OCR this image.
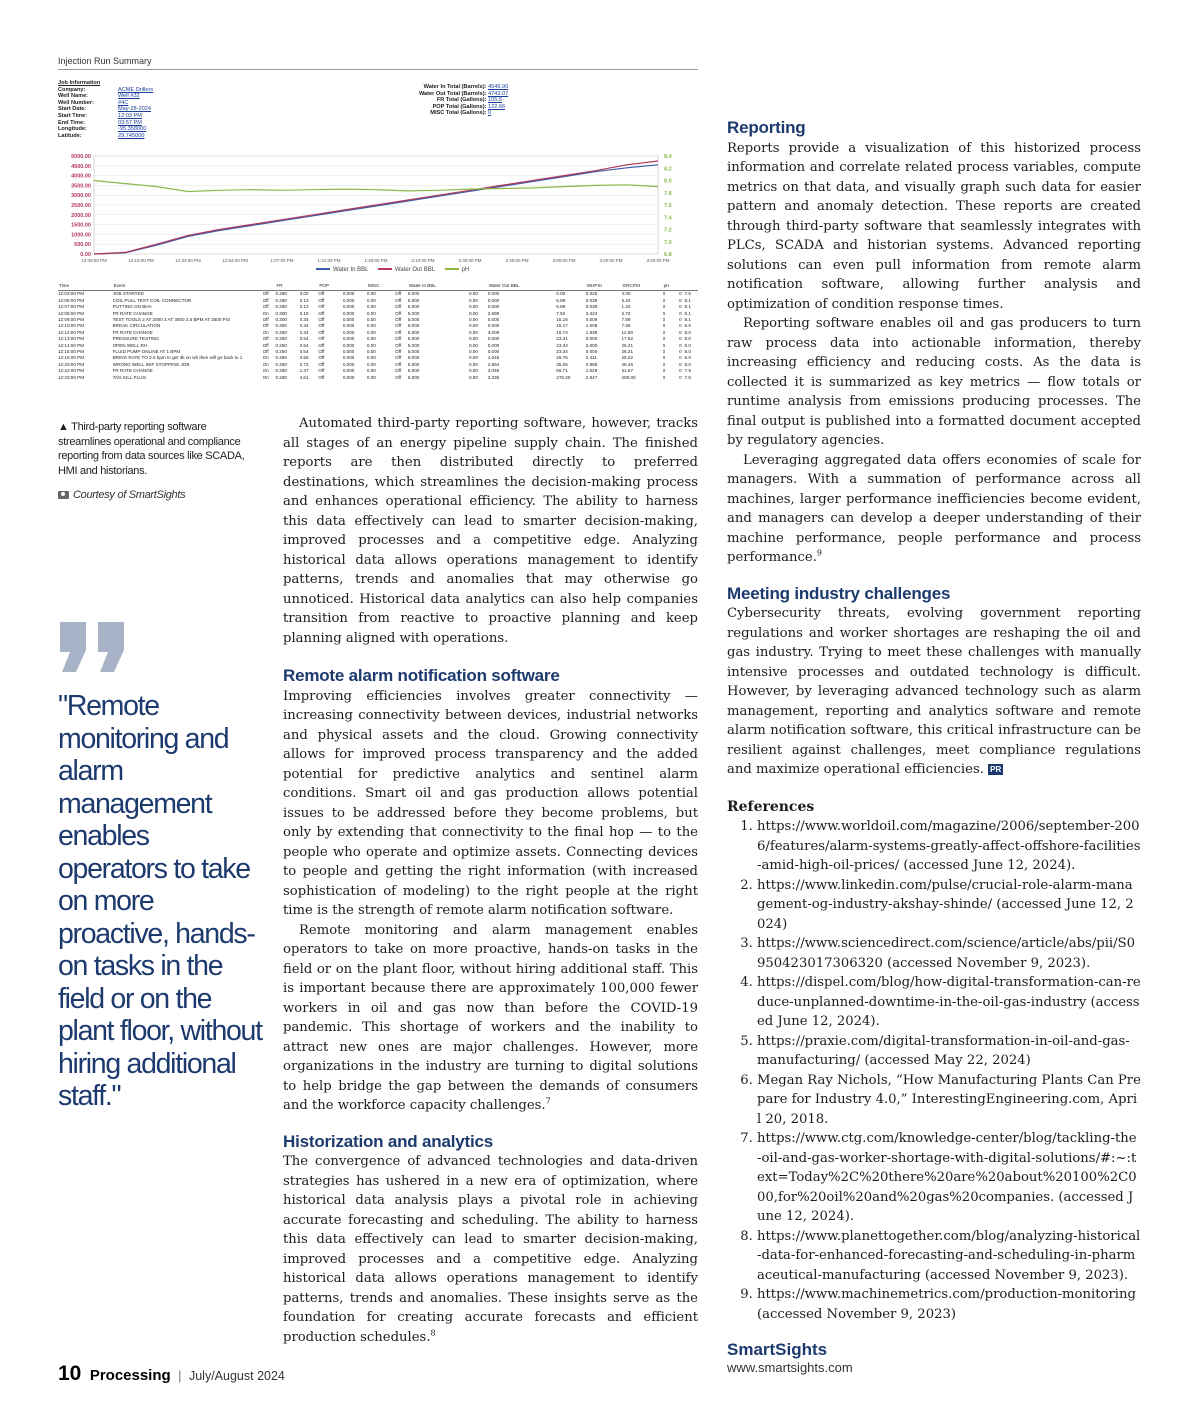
Injection Run Summary
Job Information
Company:	ACME Drillers
Well Name:	Well #32
Well Number:	#4C
Start Date:	May-28-2024
Start Time:	12:03 PM
End Time:	03:57 PM
Longitude:	-95.358000
Latitude:	29.745000
Water In Total (Barrels): 4549.90
Water Out Total (Barrels): 4743.07
FR Total (Gallons): 105.5
POP Total (Gallons): 122.66
MISC Total (Gallons): 0
5000.00
4500.00
4000.00
3500.00
3000.00
2500.00
2000.00
1500.00
1000.00
500.00
0.00
8.4
8.2
8.0
7.8
7.6
7.4
7.2
7.0
6.8
12:03:00 PM	12:19:00 PM	12:33:00 PM	12:54:00 PM	1:07:00 PM	1:21:00 PM	1:40:00 PM	2:10:00 PM	2:30:00 PM	2:40:00 PM	3:00:00 PM	3:20:00 PM	3:40:00 PM
Water In BBL	Water Out BBL	pH
Time	Event		FR		POP		MISC		Water In BBL		Water Out BBL		WHPSI	ORCPSI	pH		
12:03:00 PM	JOB STARTED	Off	0.280	0.00	Off	0.000	0.00	Off	5.000	0.00	0.000	0.00	0.025	0.00	0	0	7.5
12:06:00 PM	COIL PULL TEST COIL CONNECTOR	Off	0.280	0.13	Off	0.000	0.00	Off	5.000	0.00	0.000	5.89	0.039	5.22	0	0	8.1
12:07:00 PM	PUTTING ON BHA	Off	0.280	0.13	Off	0.000	0.00	Off	5.000	0.00	0.000	5.89	0.039	1.22	0	0	8.1
12:08:00 PM	FR RATE CHANGE	On	0.300	0.15	Off	0.000	0.00	Off	5.000	0.00	2.999	7.52	3.424	6.72	0	0	8.1
12:09:00 PM	TEST TOOLS 2 AT 2000 3 AT 3000 3.5 BPM AT 3500 PSI	Off	0.300	0.34	Off	0.000	0.00	Off	5.000	0.00	0.000	15.16	0.009	7.56	0	0	8.1
12:10:00 PM	BREAK CIRCULATION	Off	0.300	0.34	Off	0.000	0.00	Off	5.000	0.00	0.000	15.17	1.008	7.65	0	0	8.0
12:12:00 PM	FR RATE CHANGE	On	0.250	0.34	Off	0.000	0.00	Off	5.000	0.00	3.009	16.74	1.836	12.80	0	0	8.0
12:13:00 PM	PRESSURE TESTING	Off	0.250	0.54	Off	0.000	0.00	Off	5.000	0.00	0.000	23.31	0.000	17.82	0	0	8.0
12:14:00 PM	OPEN WELL RH	Off	0.250	0.54	Off	0.000	0.00	Off	5.000	0.00	0.000	23.34	0.000	26.21	0	0	8.0
12:15:00 PM	FLUID PUMP ONLINE AT 1 BPM	Off	0.250	0.54	Off	0.000	0.00	Off	5.000	0.00	0.000	23.34	0.000	26.21	0	0	8.0
12:15:00 PM	BRING RATE TO 2.5 bpm to get 3k on wh then will go back to 1	On	0.250	0.55	Off	0.000	0.00	Off	5.000	0.00	1.045	26.75	2.411	29.22	0	0	8.0
12:20:00 PM	WRONG WELL INIF STOPPING JOB	On	0.250	0.72	Off	0.000	0.00	Off	5.000	0.00	2.864	35.05	0.888	28.46	0	0	8.0
12:22:00 PM	FR RATE CHANGE	On	0.280	1.37	Off	0.000	0.00	Off	5.000	0.00	3.048	66.71	1.026	51.67	0	0	7.9
12:23:00 PM	TAG KILL PLUG	On	0.280	4.61	Off	0.000	0.00	Off	5.000	0.00	3.336	276.20	2.947	208.00	0	0	7.8
▲ Third-party reporting software streamlines operational and compliance reporting from data sources like SCADA, HMI and historians.
Courtesy of SmartSights
"Remote monitoring and alarm management enables operators to take on more proactive, hands-on tasks in the field or on the plant floor, without hiring additional staff."

Automated third-party reporting software, however, tracks all stages of an energy pipeline supply chain. The finished reports are then distributed directly to preferred destinations, which streamlines the decision-making process and enhances operational efficiency. The ability to harness this data effectively can lead to smarter decision-making, improved processes and a competitive edge. Analyzing historical data allows operations management to identify patterns, trends and anomalies that may otherwise go unnoticed. Historical data analytics can also help companies transition from reactive to proactive planning and keep planning aligned with operations.

Remote alarm notification software

Improving efficiencies involves greater connectivity — increasing connectivity between devices, industrial networks and physical assets and the cloud. Growing connectivity allows for improved process transparency and the added potential for predictive analytics and sentinel alarm conditions. Smart oil and gas production allows potential issues to be addressed before they become problems, but only by extending that connectivity to the final hop — to the people who operate and optimize assets. Connecting devices to people and getting the right information (with increased sophistication of modeling) to the right people at the right time is the strength of remote alarm notification software.

Remote monitoring and alarm management enables operators to take on more proactive, hands-on tasks in the field or on the plant floor, without hiring additional staff. This is important because there are approximately 100,000 fewer workers in oil and gas now than before the COVID-19 pandemic. This shortage of workers and the inability to attract new ones are major challenges. However, more organizations in the industry are turning to digital solutions to help bridge the gap between the demands of consumers and the workforce capacity challenges.$^7$

Historization and analytics

The convergence of advanced technologies and data-driven strategies has ushered in a new era of optimization, where historical data analysis plays a pivotal role in achieving accurate forecasting and scheduling. The ability to harness this data effectively can lead to smarter decision-making, improved processes and a competitive edge. Analyzing historical data allows operations management to identify patterns, trends and anomalies. These insights serve as the foundation for creating accurate forecasts and efficient production schedules.$^8$

Reporting

Reports provide a visualization of this historized process information and correlate related process variables, compute metrics on that data, and visually graph such data for easier pattern and anomaly detection. These reports are created through third-party software that seamlessly integrates with PLCs, SCADA and historian systems. Advanced reporting solutions can even pull information from remote alarm notification software, allowing further analysis and optimization of condition response times.

Reporting software enables oil and gas producers to turn raw process data into actionable information, thereby increasing efficiency and reducing costs. As the data is collected it is summarized as key metrics — flow totals or runtime analysis from emissions producing processes. The final output is published into a formatted document accepted by regulatory agencies.

Leveraging aggregated data offers economies of scale for managers. With a summation of performance across all machines, larger performance inefficiencies become evident, and managers can develop a deeper understanding of their machine performance, people performance and process performance.$^9$

Meeting industry challenges

Cybersecurity threats, evolving government reporting regulations and worker shortages are reshaping the oil and gas industry. Trying to meet these challenges with manually intensive processes and outdated technology is difficult. However, by leveraging advanced technology such as alarm management, reporting and analytics software and remote alarm notification software, this critical infrastructure can be resilient against challenges, meet compliance regulations and maximize operational efficiencies. PR

References
1. https://www.worldoil.com/magazine/2006/september-2006/features/alarm-systems-greatly-affect-offshore-facilities-amid-high-oil-prices/ (accessed June 12, 2024).
2. https://www.linkedin.com/pulse/crucial-role-alarm-management-og-industry-akshay-shinde/ (accessed June 12, 2024)
3. https://www.sciencedirect.com/science/article/abs/pii/S0950423017306320 (accessed November 9, 2023).
4. https://dispel.com/blog/how-digital-transformation-can-reduce-unplanned-downtime-in-the-oil-gas-industry (accessed June 12, 2024).
5. https://praxie.com/digital-transformation-in-oil-and-gas-manufacturing/ (accessed May 22, 2024)
6. Megan Ray Nichols, “How Manufacturing Plants Can Prepare for Industry 4.0,” InterestingEngineering.com, April 20, 2018.
7. https://www.ctg.com/knowledge-center/blog/tackling-the-oil-and-gas-worker-shortage-with-digital-solutions/#:~:text=Today%2C%20there%20are%20about%20100%2C000,for%20oil%20and%20gas%20companies. (accessed June 12, 2024).
8. https://www.planettogether.com/blog/analyzing-historical-data-for-enhanced-forecasting-and-scheduling-in-pharmaceutical-manufacturing (accessed November 9, 2023).
9. https://www.machinemetrics.com/production-monitoring (accessed November 9, 2023)
SmartSights
www.smartsights.com
10 Processing | July/August 2024
